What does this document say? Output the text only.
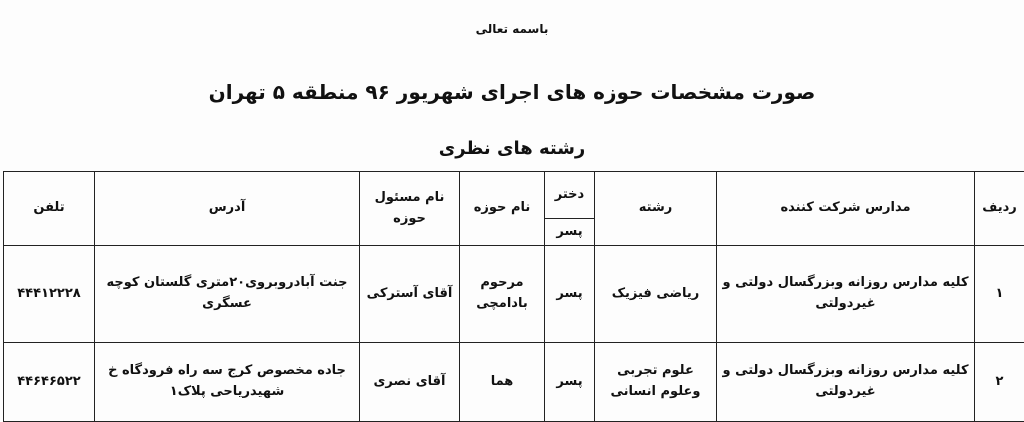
باسمه تعالی
صورت مشخصات حوزه های اجرای شهریور ۹۶ منطقه ۵ تهران
رشته های نظری
ردیف	مدارس شرکت کننده	رشته	دختر	نام حوزه	نام مسئول حوزه	آدرس	تلفن
			پسر				
۱	کلیه مدارس روزانه وبزرگسال دولتی و غیردولتی	ریاضی فیزیک	پسر	مرحوم بادامچی	آقای آسترکی	جنت آبادروبروی۲۰متری گلستان کوچه عسگری	۴۴۴۱۲۲۲۸
۲	کلیه مدارس روزانه وبزرگسال دولتی و غیردولتی	علوم تجربی وعلوم انسانی	پسر	هما	آقای نصری	جاده مخصوص کرج سه راه فرودگاه خ شهیدریاحی پلاک۱	۴۴۶۴۶۵۲۲
